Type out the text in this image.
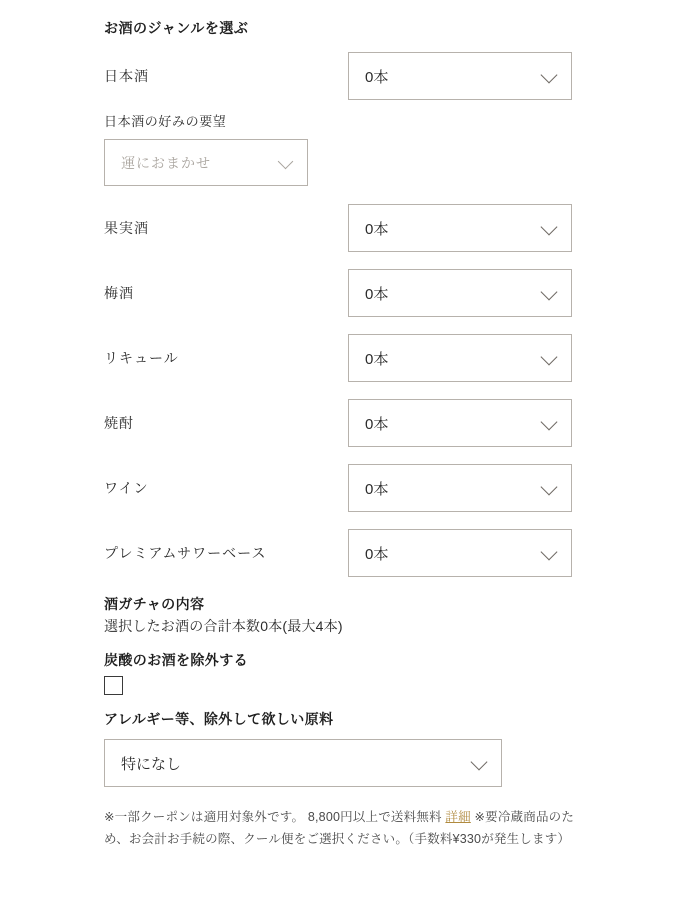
お酒のジャンルを選ぶ
日本酒	0本
日本酒の好みの要望
運におまかせ
果実酒	0本
梅酒	0本
リキュール	0本
焼酎	0本
ワイン	0本
プレミアムサワーベース	0本
酒ガチャの内容
選択したお酒の合計本数0本(最大4本)
炭酸のお酒を除外する
アレルギー等、除外して欲しい原料
特になし
※一部クーポンは適用対象外です。 8,800円以上で送料無料 詳細 ※要冷蔵商品のため、お会計お手続の際、クール便をご選択ください。（手数料¥330が発生します）
